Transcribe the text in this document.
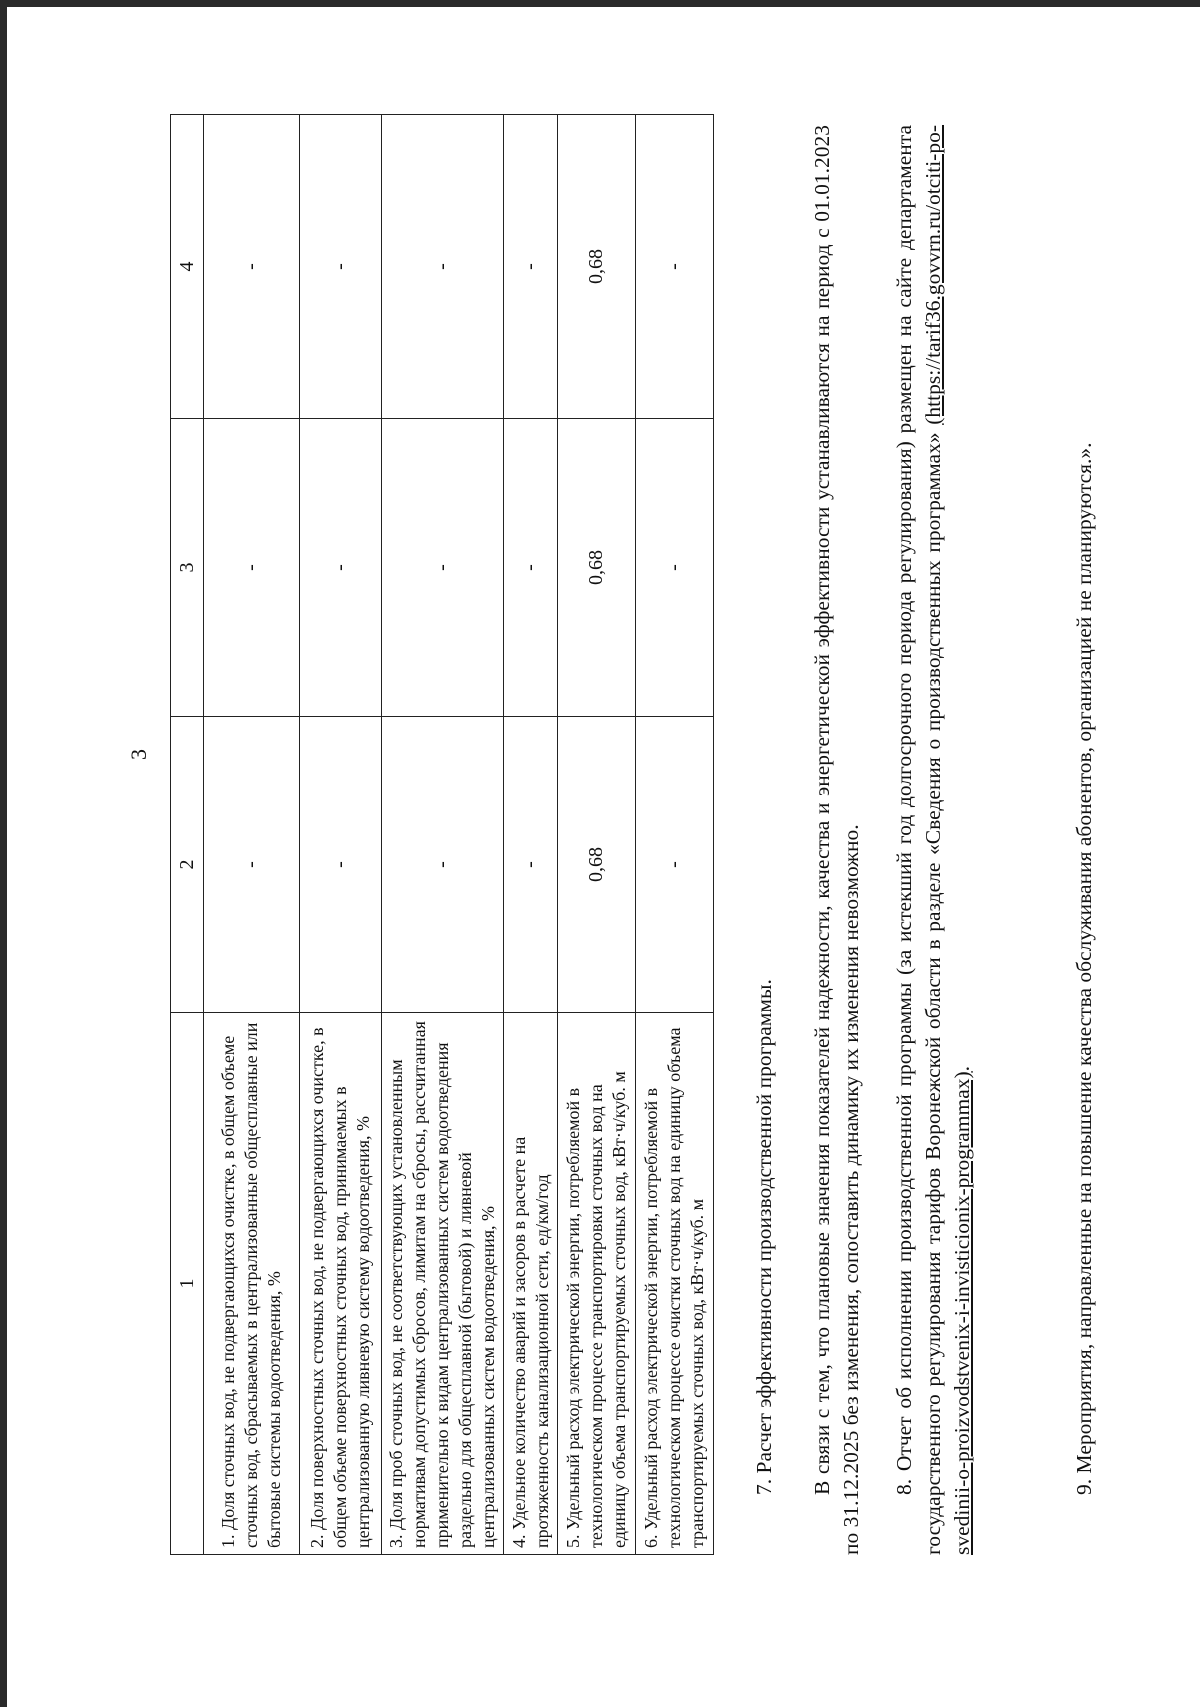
3
1	2	3	4
1. Доля сточных вод, не подвергающихся очистке, в общем объеме сточных вод, сбрасываемых в централизованные общесплавные или бытовые системы водоотведения, %	-	-	-
2. Доля поверхностных сточных вод, не подвергающихся очистке, в общем объеме поверхностных сточных вод, принимаемых в централизованную ливневую систему водоотведения, %	-	-	-
3. Доля проб сточных вод, не соответствующих установленным нормативам допустимых сбросов, лимитам на сбросы, рассчитанная применительно к видам централизованных систем водоотведения раздельно для общесплавной (бытовой) и ливневой централизованных систем водоотведения, %	-	-	-
4. Удельное количество аварий и засоров в расчете на протяженность канализационной сети, ед/км/год	-	-	-
5. Удельный расход электрической энергии, потребляемой в технологическом процессе транспортировки сточных вод на единицу объема транспортируемых сточных вод, кВт·ч/куб. м	0,68	0,68	0,68
6. Удельный расход электрической энергии, потребляемой в технологическом процессе очистки сточных вод на единицу объема транспортируемых сточных вод, кВт·ч/куб. м	-	-	-
7. Расчет эффективности производственной программы. В связи с тем, что плановые значения показателей надежности, качества и энергетической эффективности устанавливаются на период с 01.01.2023 по 31.12.2025 без изменения, сопоставить динамику их изменения невозможно. 8. Отчет об исполнении производственной программы (за истекший год долгосрочного периода регулирования) размещен на сайте департамента государственного регулирования тарифов Воронежской области в разделе «Сведения о производственных программах» (https://tarif36.govvrn.ru/otciti-po-svedinii-o-proizvodstvenix-i-invisticionix-programmax).	9. Мероприятия, направленные на повышение качества обслуживания абонентов, организацией не планируются.».
